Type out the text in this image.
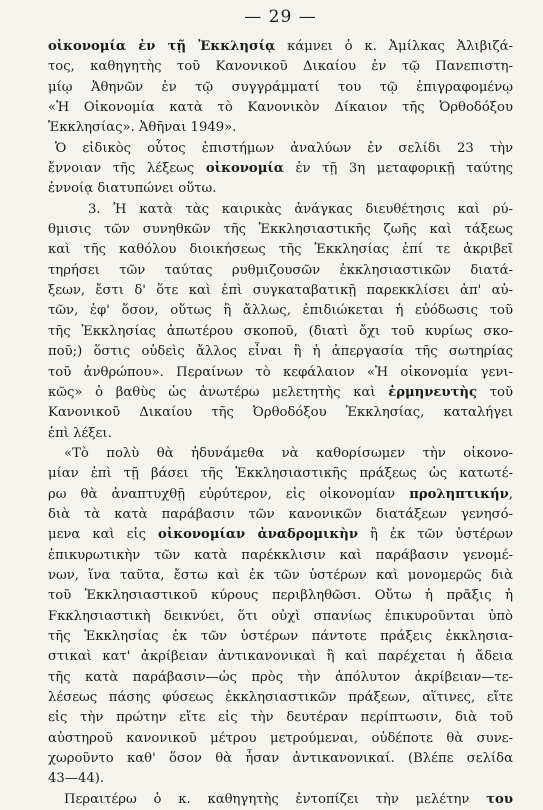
— 29 —
οἰκονομία ἐν τῇ Ἐκκλησίᾳ κάμνει ὁ κ. Ἀμίλκας Ἀλιβιζά-
τος, καθηγητὴς τοῦ Κανονικοῦ Δικαίου ἐν τῷ Πανεπιστη-
μίῳ Ἀθηνῶν ἐν τῷ συγγράμματί του τῷ ἐπιγραφομένῳ
«Ἡ Οἰκονομία κατὰ τὸ Κανονικὸν Δίκαιον τῆς Ὀρθοδόξου
Ἐκκλησίας». Ἀθῆναι 1949».
Ὁ εἰδικὸς οὗτος ἐπιστήμων ἀναλύων ἐν σελίδι 23 τὴν
ἔννοιαν τῆς λέξεως οἰκονομία ἐν τῇ 3η μεταφορικῇ ταύτης
ἐννοίᾳ διατυπώνει οὕτω.
3. Ἡ κατὰ τὰς καιρικὰς ἀνάγκας διευθέτησις καὶ ρύ-
θμισις τῶν συνηθκῶν τῆς Ἐκκλησιαστικῆς ζωῆς καὶ τάξεως
καὶ τῆς καθόλου διοικήσεως τῆς Ἐκκλησίας ἐπί τε ἀκριβεῖ
τηρήσει τῶν ταύτας ρυθμιζουσῶν ἐκκλησιαστικῶν διατά-
ξεων, ἔστι δ' ὅτε καὶ ἐπὶ συγκαταβατικῇ παρεκκλίσει ἀπ' αὐ-
τῶν, ἐφ' ὅσον, οὕτως ἢ ἄλλως, ἐπιδιώκεται ἡ εὐόδωσις τοῦ
τῆς Ἐκκλησίας ἀπωτέρου σκοποῦ, (διατὶ ὄχι τοῦ κυρίως σκο-
ποῦ;) ὅστις οὐδεὶς ἄλλος εἶναι ἢ ἡ ἀπεργασία τῆς σωτηρίας
τοῦ ἀνθρώπου». Περαίνων τὸ κεφάλαιον «Ἡ οἰκονομία γενι-
κῶς» ὁ βαθὺς ὡς ἀνωτέρω μελετητὴς καὶ ἑρμηνευτὴς τοῦ
Κανονικοῦ Δικαίου τῆς Ὀρθοδόξου Ἐκκλησίας, καταλήγει
ἐπὶ λέξει.
«Τὸ πολὺ θὰ ἠδυνάμεθα νὰ καθορίσωμεν τὴν οἰκονο-
μίαν ἐπὶ τῇ βάσει τῆς Ἐκκλησιαστικῆς πράξεως ὡς κατωτέ-
ρω θὰ ἀναπτυχθῇ εὐρύτερον, εἰς οἰκονομίαν προληπτικήν,
διὰ τὰ κατὰ παράβασιν τῶν κανονικῶν διατάξεων γενησό-
μενα καὶ εἰς οἰκονομίαν ἀναδρομικὴν ἢ ἐκ τῶν ὑστέρων
ἐπικυρωτικὴν τῶν κατὰ παρέκκλισιν καὶ παράβασιν γενομέ-
νων, ἵνα ταῦτα, ἔστω καὶ ἐκ τῶν ὑστέρων καὶ μονομερῶς διὰ
τοῦ Ἐκκλησιαστικοῦ κύρους περιβληθῶσι. Οὕτω ἡ πρᾶξις ἡ
Fκκλησιαστικὴ δεικνύει, ὅτι οὐχὶ σπανίως ἐπικυροῦνται ὑπὸ
τῆς Ἐκκλησίας ἐκ τῶν ὑστέρων πάντοτε πράξεις ἐκκλησια-
στικαὶ κατ' ἀκρίβειαν ἀντικανονικαὶ ἢ καὶ παρέχεται ἡ ἄδεια
τῆς κατὰ παράβασιν—ὡς πρὸς τὴν ἀπόλυτον ἀκρίβειαν—τε-
λέσεως πάσης φύσεως ἐκκλησιαστικῶν πράξεων, αἵτινες, εἴτε
εἰς τὴν πρώτην εἴτε εἰς τὴν δευτέραν περίπτωσιν, διὰ τοῦ
αὐστηροῦ κανονικοῦ μέτρου μετρούμεναι, οὐδέποτε θὰ συνε-
χωροῦντο καθ' ὅσον θὰ ἦσαν ἀντικανονικαί. (Βλέπε σελίδα
43—44).
Περαιτέρω ὁ κ. καθηγητὴς ἐντοπίζει τὴν μελέτην του
